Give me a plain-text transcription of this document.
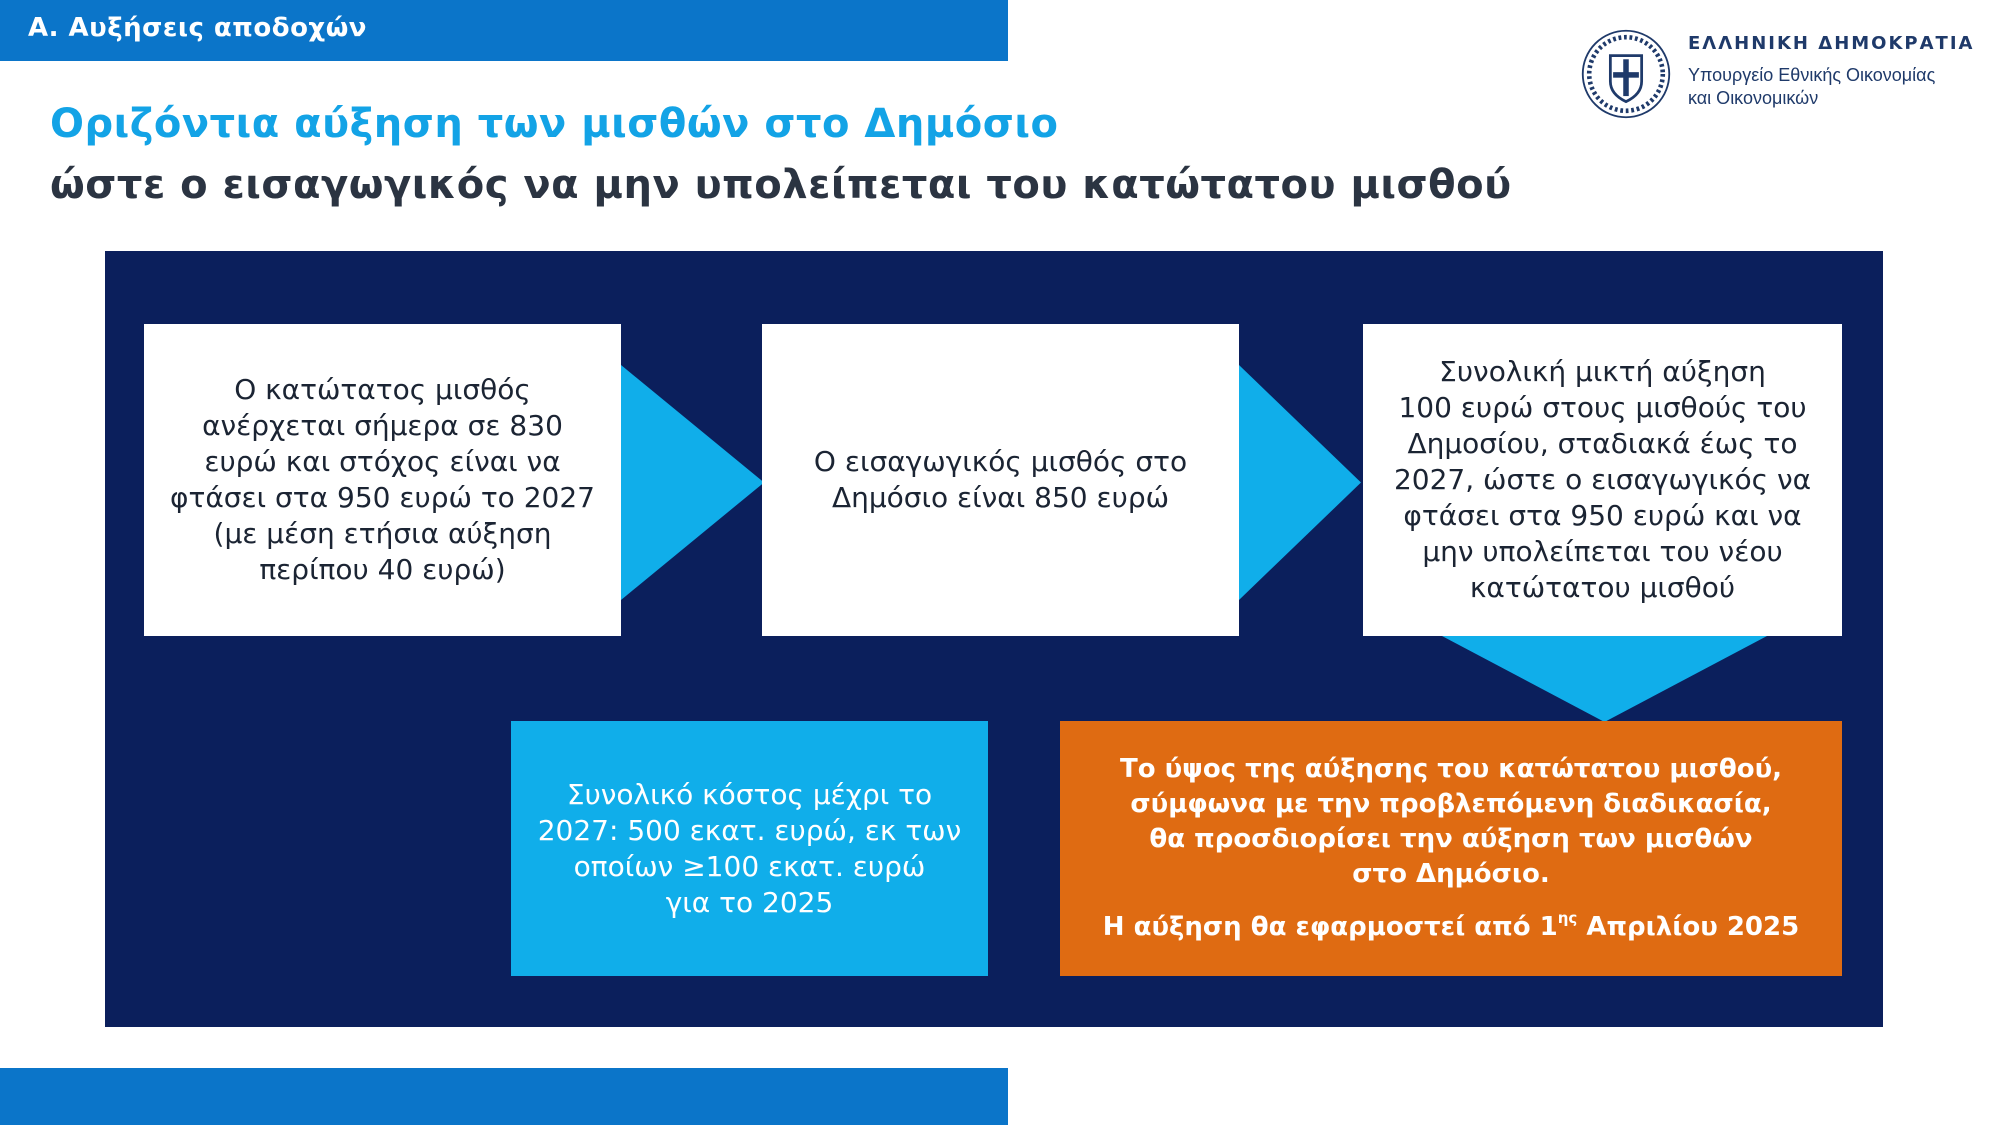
Α. Αυξήσεις αποδοχών
Οριζόντια αύξηση των μισθών στο Δημόσιο
ώστε ο εισαγωγικός να μην υπολείπεται του κατώτατου μισθού
ΕΛΛΗΝΙΚΗ ΔΗΜΟΚΡΑΤΙΑ
Υπουργείο Εθνικής Οικονομίας
και Οικονομικών
Ο κατώτατος μισθός
ανέρχεται σήμερα σε 830
ευρώ και στόχος είναι να
φτάσει στα 950 ευρώ το 2027
(με μέση ετήσια αύξηση
περίπου 40 ευρώ)
Ο εισαγωγικός μισθός στο
Δημόσιο είναι 850 ευρώ
Συνολική μικτή αύξηση
100 ευρώ στους μισθούς του
Δημοσίου, σταδιακά έως το
2027, ώστε ο εισαγωγικός να
φτάσει στα 950 ευρώ και να
μην υπολείπεται του νέου
κατώτατου μισθού
Συνολικό κόστος μέχρι το
2027: 500 εκατ. ευρώ, εκ των
οποίων ≥100 εκατ. ευρώ
για το 2025
Το ύψος της αύξησης του κατώτατου μισθού,
σύμφωνα με την προβλεπόμενη διαδικασία,
θα προσδιορίσει την αύξηση των μισθών
στο Δημόσιο.
Η αύξηση θα εφαρμοστεί από $1^{\eta\varsigma}$ Απριλίου 2025
